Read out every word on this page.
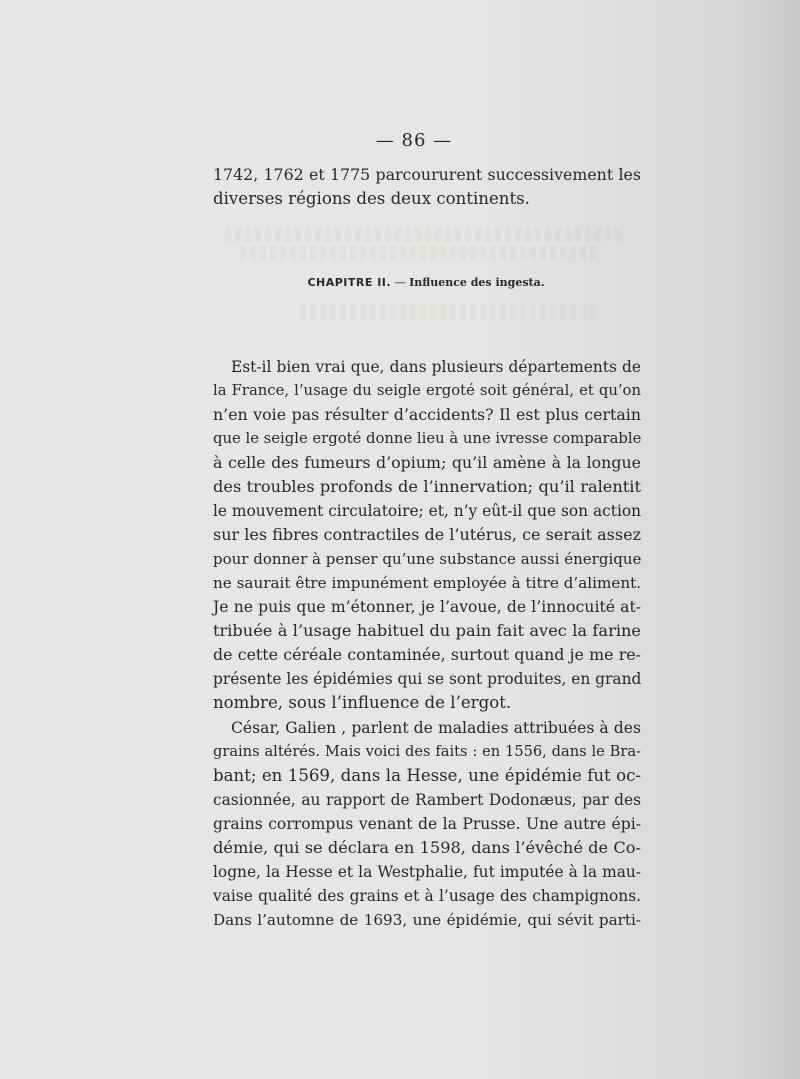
— 86 —
1742, 1762 et 1775 parcoururent successivement les
diverses régions des deux continents.
CHAPITRE II. — Influence des ingesta.
Est-il bien vrai que, dans plusieurs départements de
la France, l’usage du seigle ergoté soit général, et qu’on
n’en voie pas résulter d’accidents? Il est plus certain
que le seigle ergoté donne lieu à une ivresse comparable
à celle des fumeurs d’opium; qu’il amène à la longue
des troubles profonds de l’innervation; qu’il ralentit
le mouvement circulatoire; et, n’y eût-il que son action
sur les fibres contractiles de l’utérus, ce serait assez
pour donner à penser qu’une substance aussi énergique
ne saurait être impunément employée à titre d’aliment.
Je ne puis que m’étonner, je l’avoue, de l’innocuité at-
tribuée à l’usage habituel du pain fait avec la farine
de cette céréale contaminée, surtout quand je me re-
présente les épidémies qui se sont produites, en grand
nombre, sous l’influence de l’ergot.
César, Galien , parlent de maladies attribuées à des
grains altérés. Mais voici des faits : en 1556, dans le Bra-
bant; en 1569, dans la Hesse, une épidémie fut oc-
casionnée, au rapport de Rambert Dodonæus, par des
grains corrompus venant de la Prusse. Une autre épi-
démie, qui se déclara en 1598, dans l’évêché de Co-
logne, la Hesse et la Westphalie, fut imputée à la mau-
vaise qualité des grains et à l’usage des champignons.
Dans l’automne de 1693, une épidémie, qui sévit parti-
